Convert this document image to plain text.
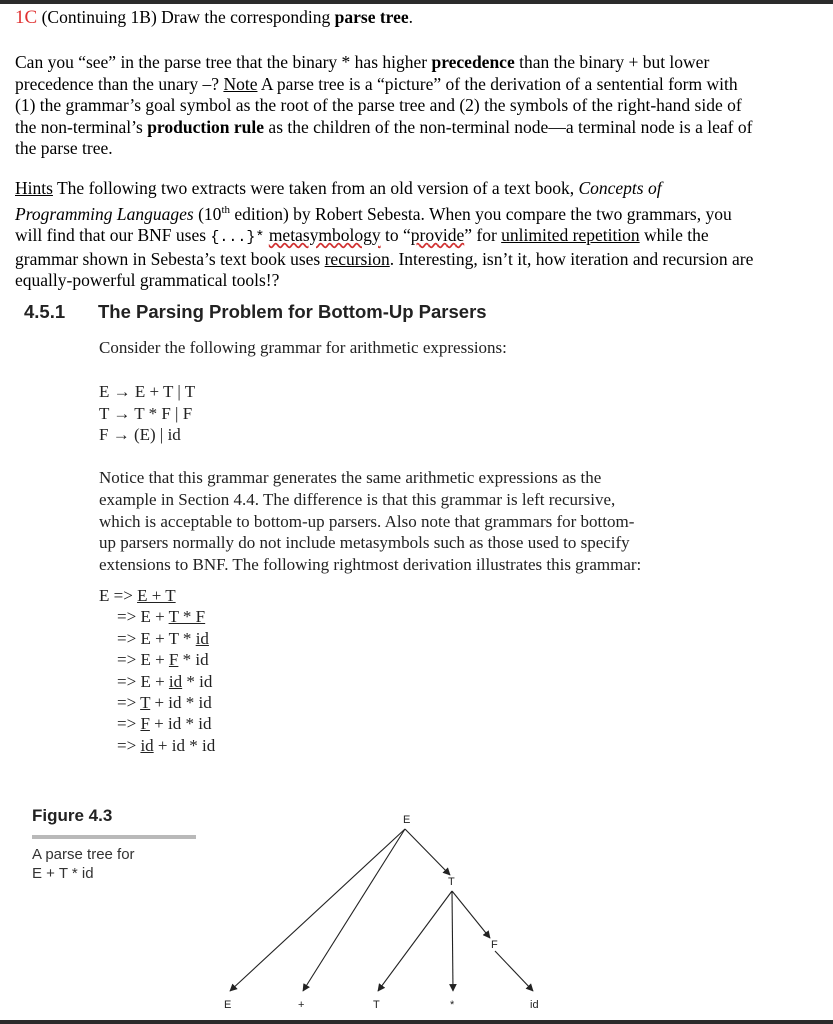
1C (Continuing 1B) Draw the corresponding parse tree.
Can you “see” in the parse tree that the binary * has higher precedence than the binary + but lower
precedence than the unary –? Note A parse tree is a “picture” of the derivation of a sentential form with
(1) the grammar’s goal symbol as the root of the parse tree and (2) the symbols of the right-hand side of
the non-terminal’s production rule as the children of the non-terminal node—a terminal node is a leaf of
the parse tree.
Hints The following two extracts were taken from an old version of a text book, Concepts of
Programming Languages (10th edition) by Robert Sebesta. When you compare the two grammars, you
will find that our BNF uses {...}* metasymbology to “provide” for unlimited repetition while the
grammar shown in Sebesta’s text book uses recursion. Interesting, isn’t it, how iteration and recursion are
equally-powerful grammatical tools!?
4.5.1 The Parsing Problem for Bottom-Up Parsers
Consider the following grammar for arithmetic expressions:
E → E + T | T
T → T * F | F
F → (E) | id
Notice that this grammar generates the same arithmetic expressions as the
example in Section 4.4. The difference is that this grammar is left recursive,
which is acceptable to bottom-up parsers. Also note that grammars for bottom-
up parsers normally do not include metasymbols such as those used to specify
extensions to BNF. The following rightmost derivation illustrates this grammar:
E => E + T
=> E + T * F
=> E + T * id
=> E + F * id
=> E + id * id
=> T + id * id
=> F + id * id
=> id + id * id
Figure 4.3
A parse tree for
E + T * id
E
T
F
E	+	T	*	id
